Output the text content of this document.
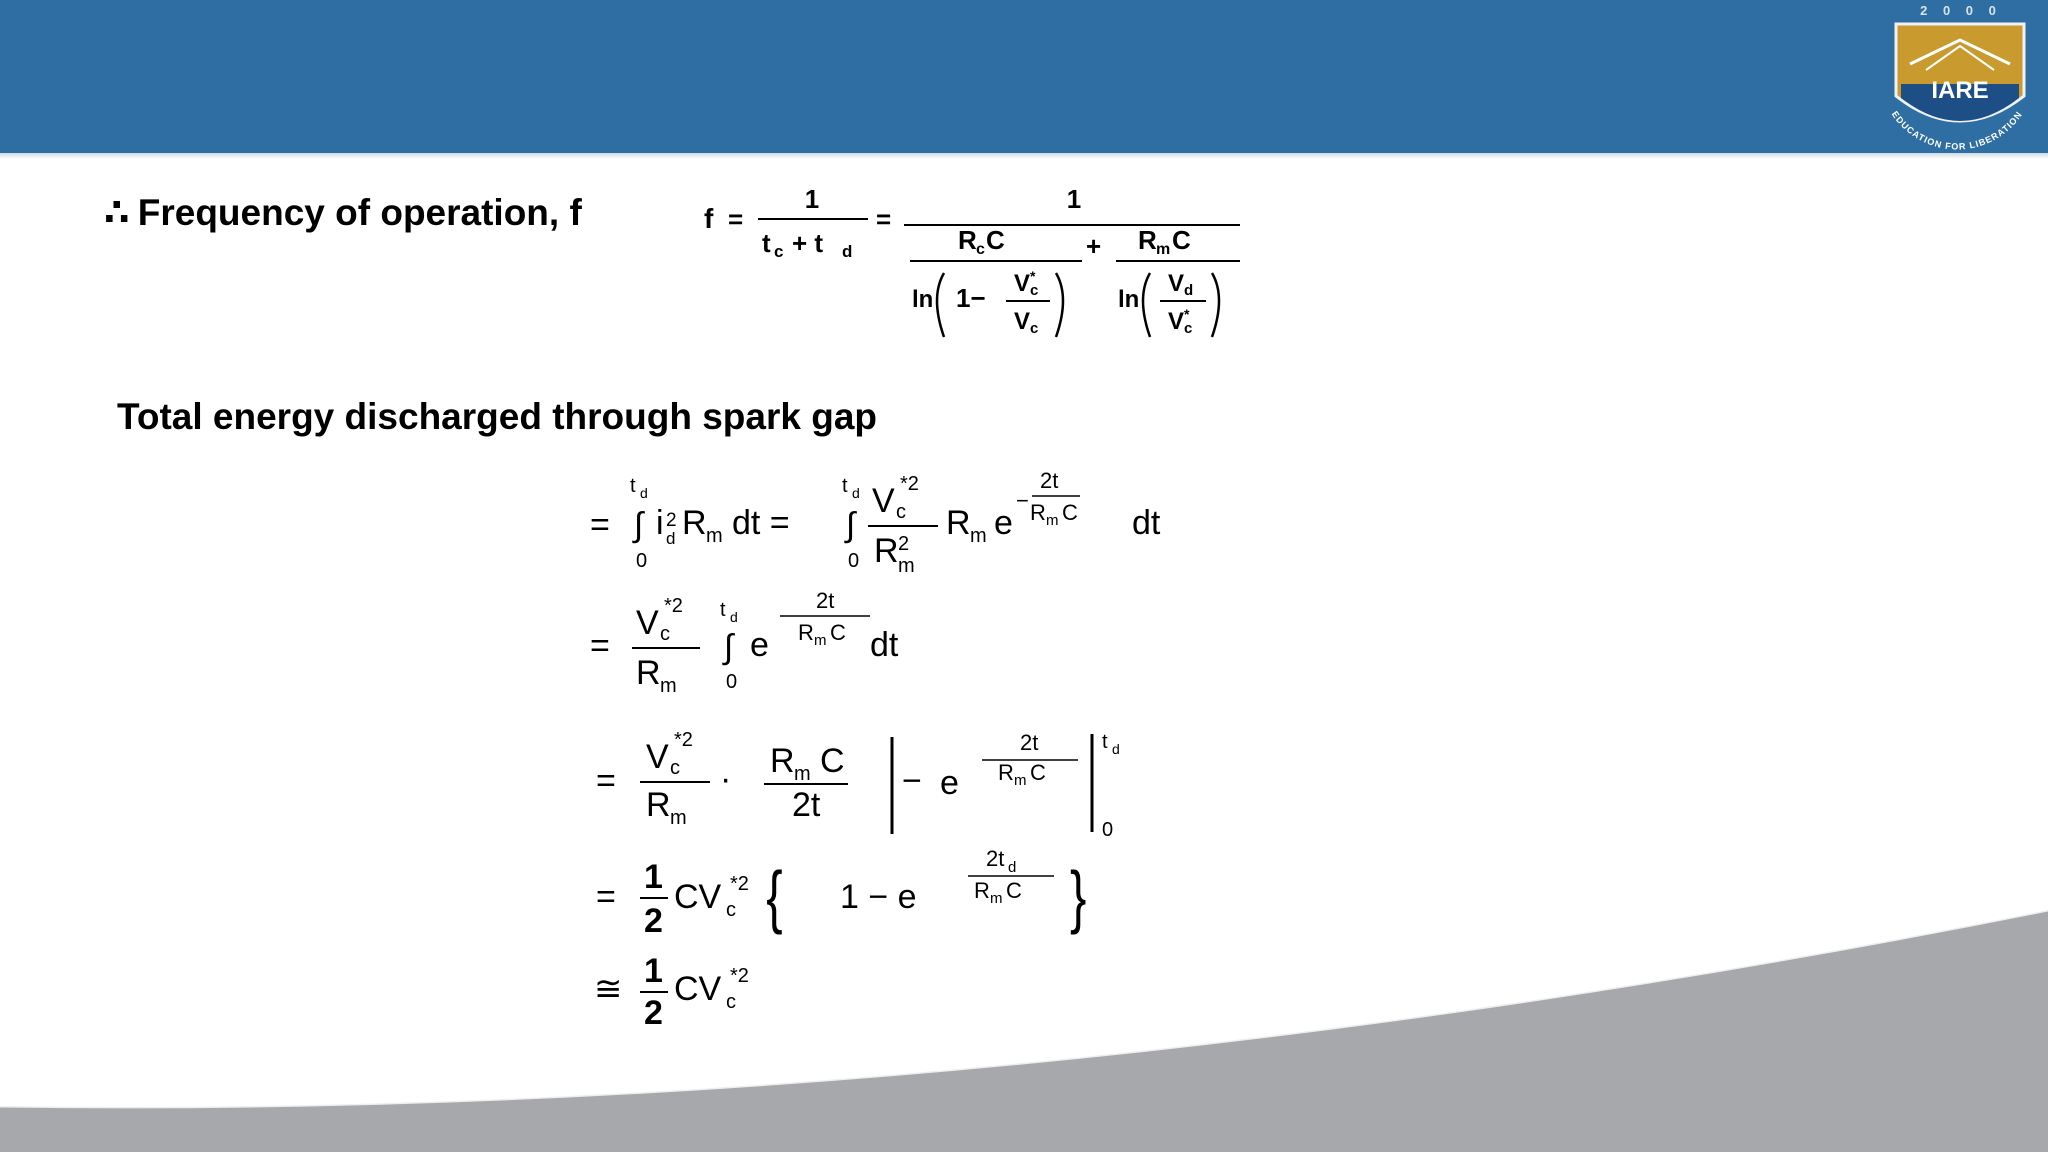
2 0 0 0
IARE
EDUCATION FOR LIBERATION
∴ Frequency of operation, f	f =
1
t c + t d
=
1
R c C
ln 1− V c
*
V c
+ R m C
ln
V d
V c
*
Total energy discharged through spark gap
=
t d
∫
0
i 2
d R m dt =
t d
∫
0
V c
*2
R 2
m
R m e
2t
− R m C dt
=
V c
*2
R m
t d
∫
0
e
2t
R m C dt
=
V c
*2
R m
· R m C
2t
− e
2t
R m C
t d
0
=
1
2
CV c
*2 { 1 − e
2t d
R m C }
≅ 1
2
CV c
*2
